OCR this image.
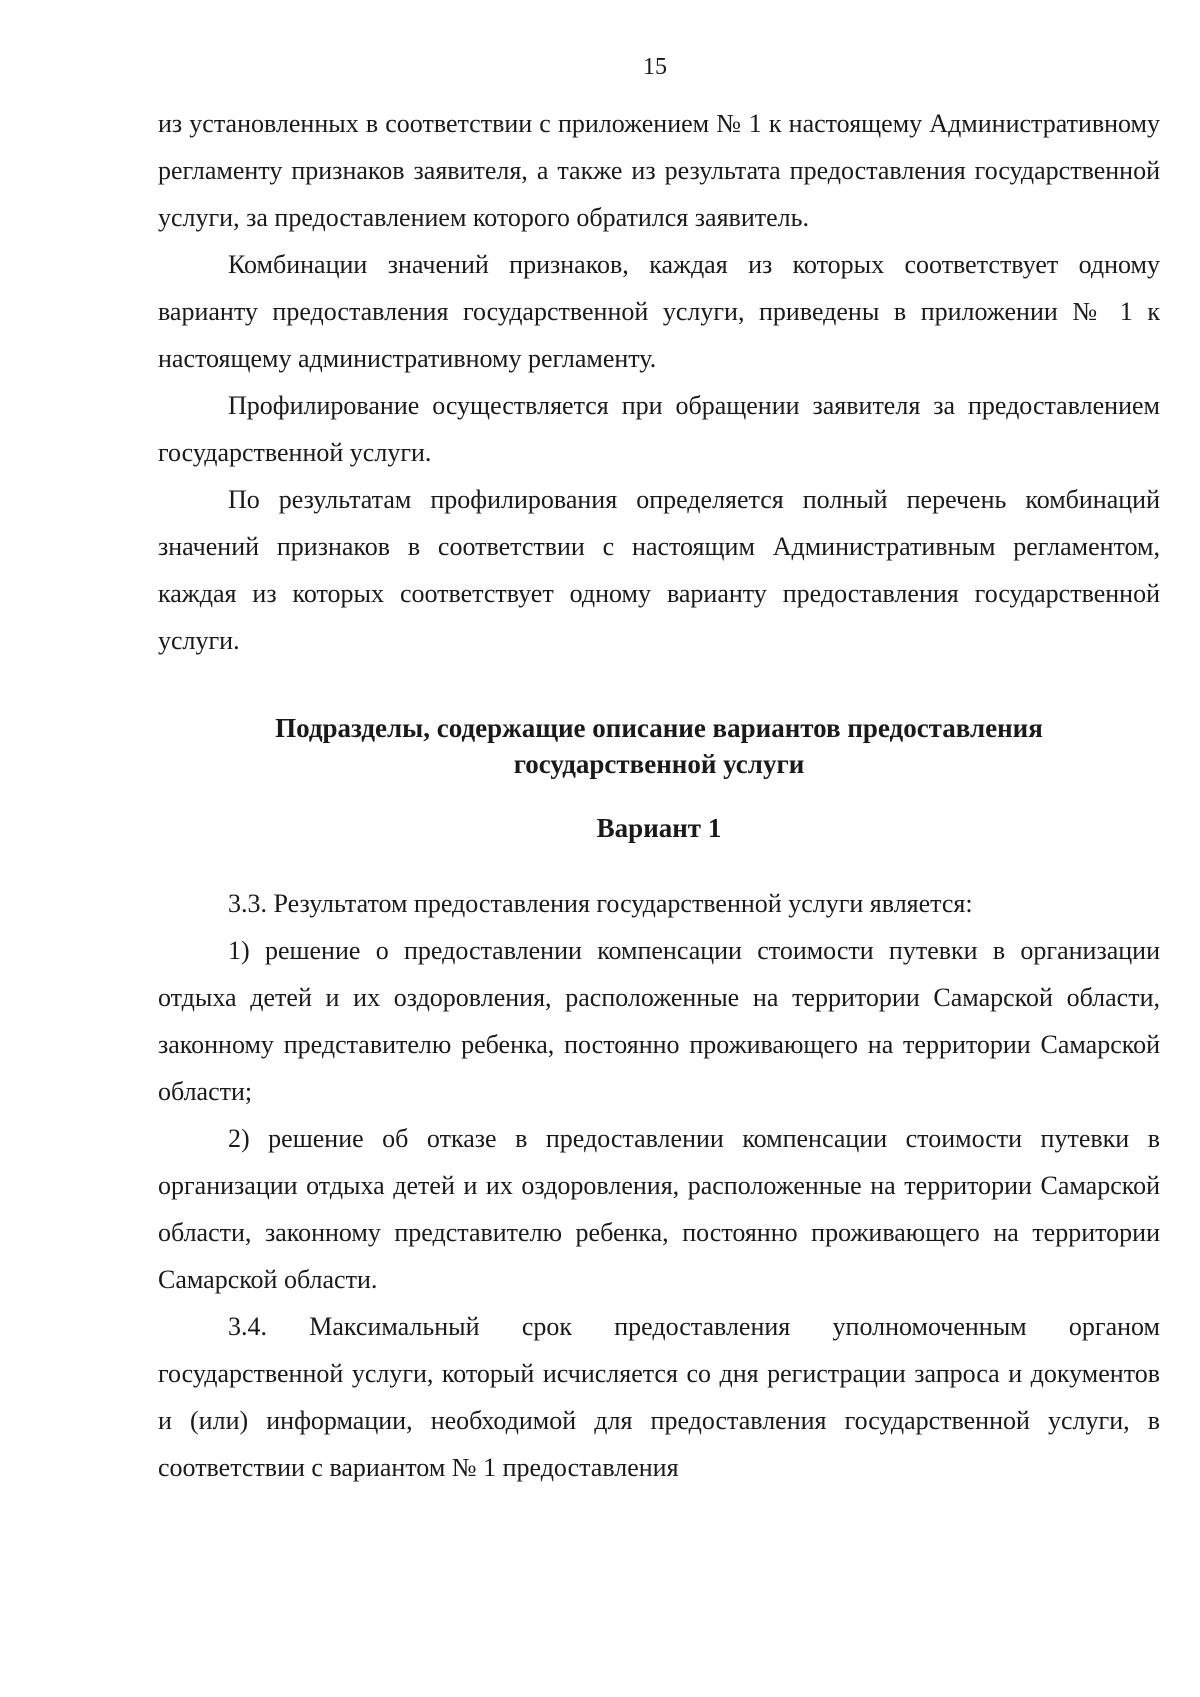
15

из установленных в соответствии с приложением № 1 к настоящему Административному регламенту признаков заявителя, а также из результата предоставления государственной услуги, за предоставлением которого обратился заявитель.

Комбинации значений признаков, каждая из которых соответствует одному варианту предоставления государственной услуги, приведены в приложении № 1 к настоящему административному регламенту.

Профилирование осуществляется при обращении заявителя за предоставлением государственной услуги.

По результатам профилирования определяется полный перечень комбинаций значений признаков в соответствии с настоящим Административным регламентом, каждая из которых соответствует одному варианту предоставления государственной услуги.

Подразделы, содержащие описание вариантов предоставления

государственной услуги

Вариант 1

3.3. Результатом предоставления государственной услуги является:

1) решение о предоставлении компенсации стоимости путевки в организации отдыха детей и их оздоровления, расположенные на территории Самарской области, законному представителю ребенка, постоянно проживающего на территории Самарской области;

2) решение об отказе в предоставлении компенсации стоимости путевки в организации отдыха детей и их оздоровления, расположенные на территории Самарской области, законному представителю ребенка, постоянно проживающего на территории Самарской области.

3.4. Максимальный срок предоставления уполномоченным органом государственной услуги, который исчисляется со дня регистрации запроса и документов и (или) информации, необходимой для предоставления государственной услуги, в соответствии с вариантом № 1 предоставления
